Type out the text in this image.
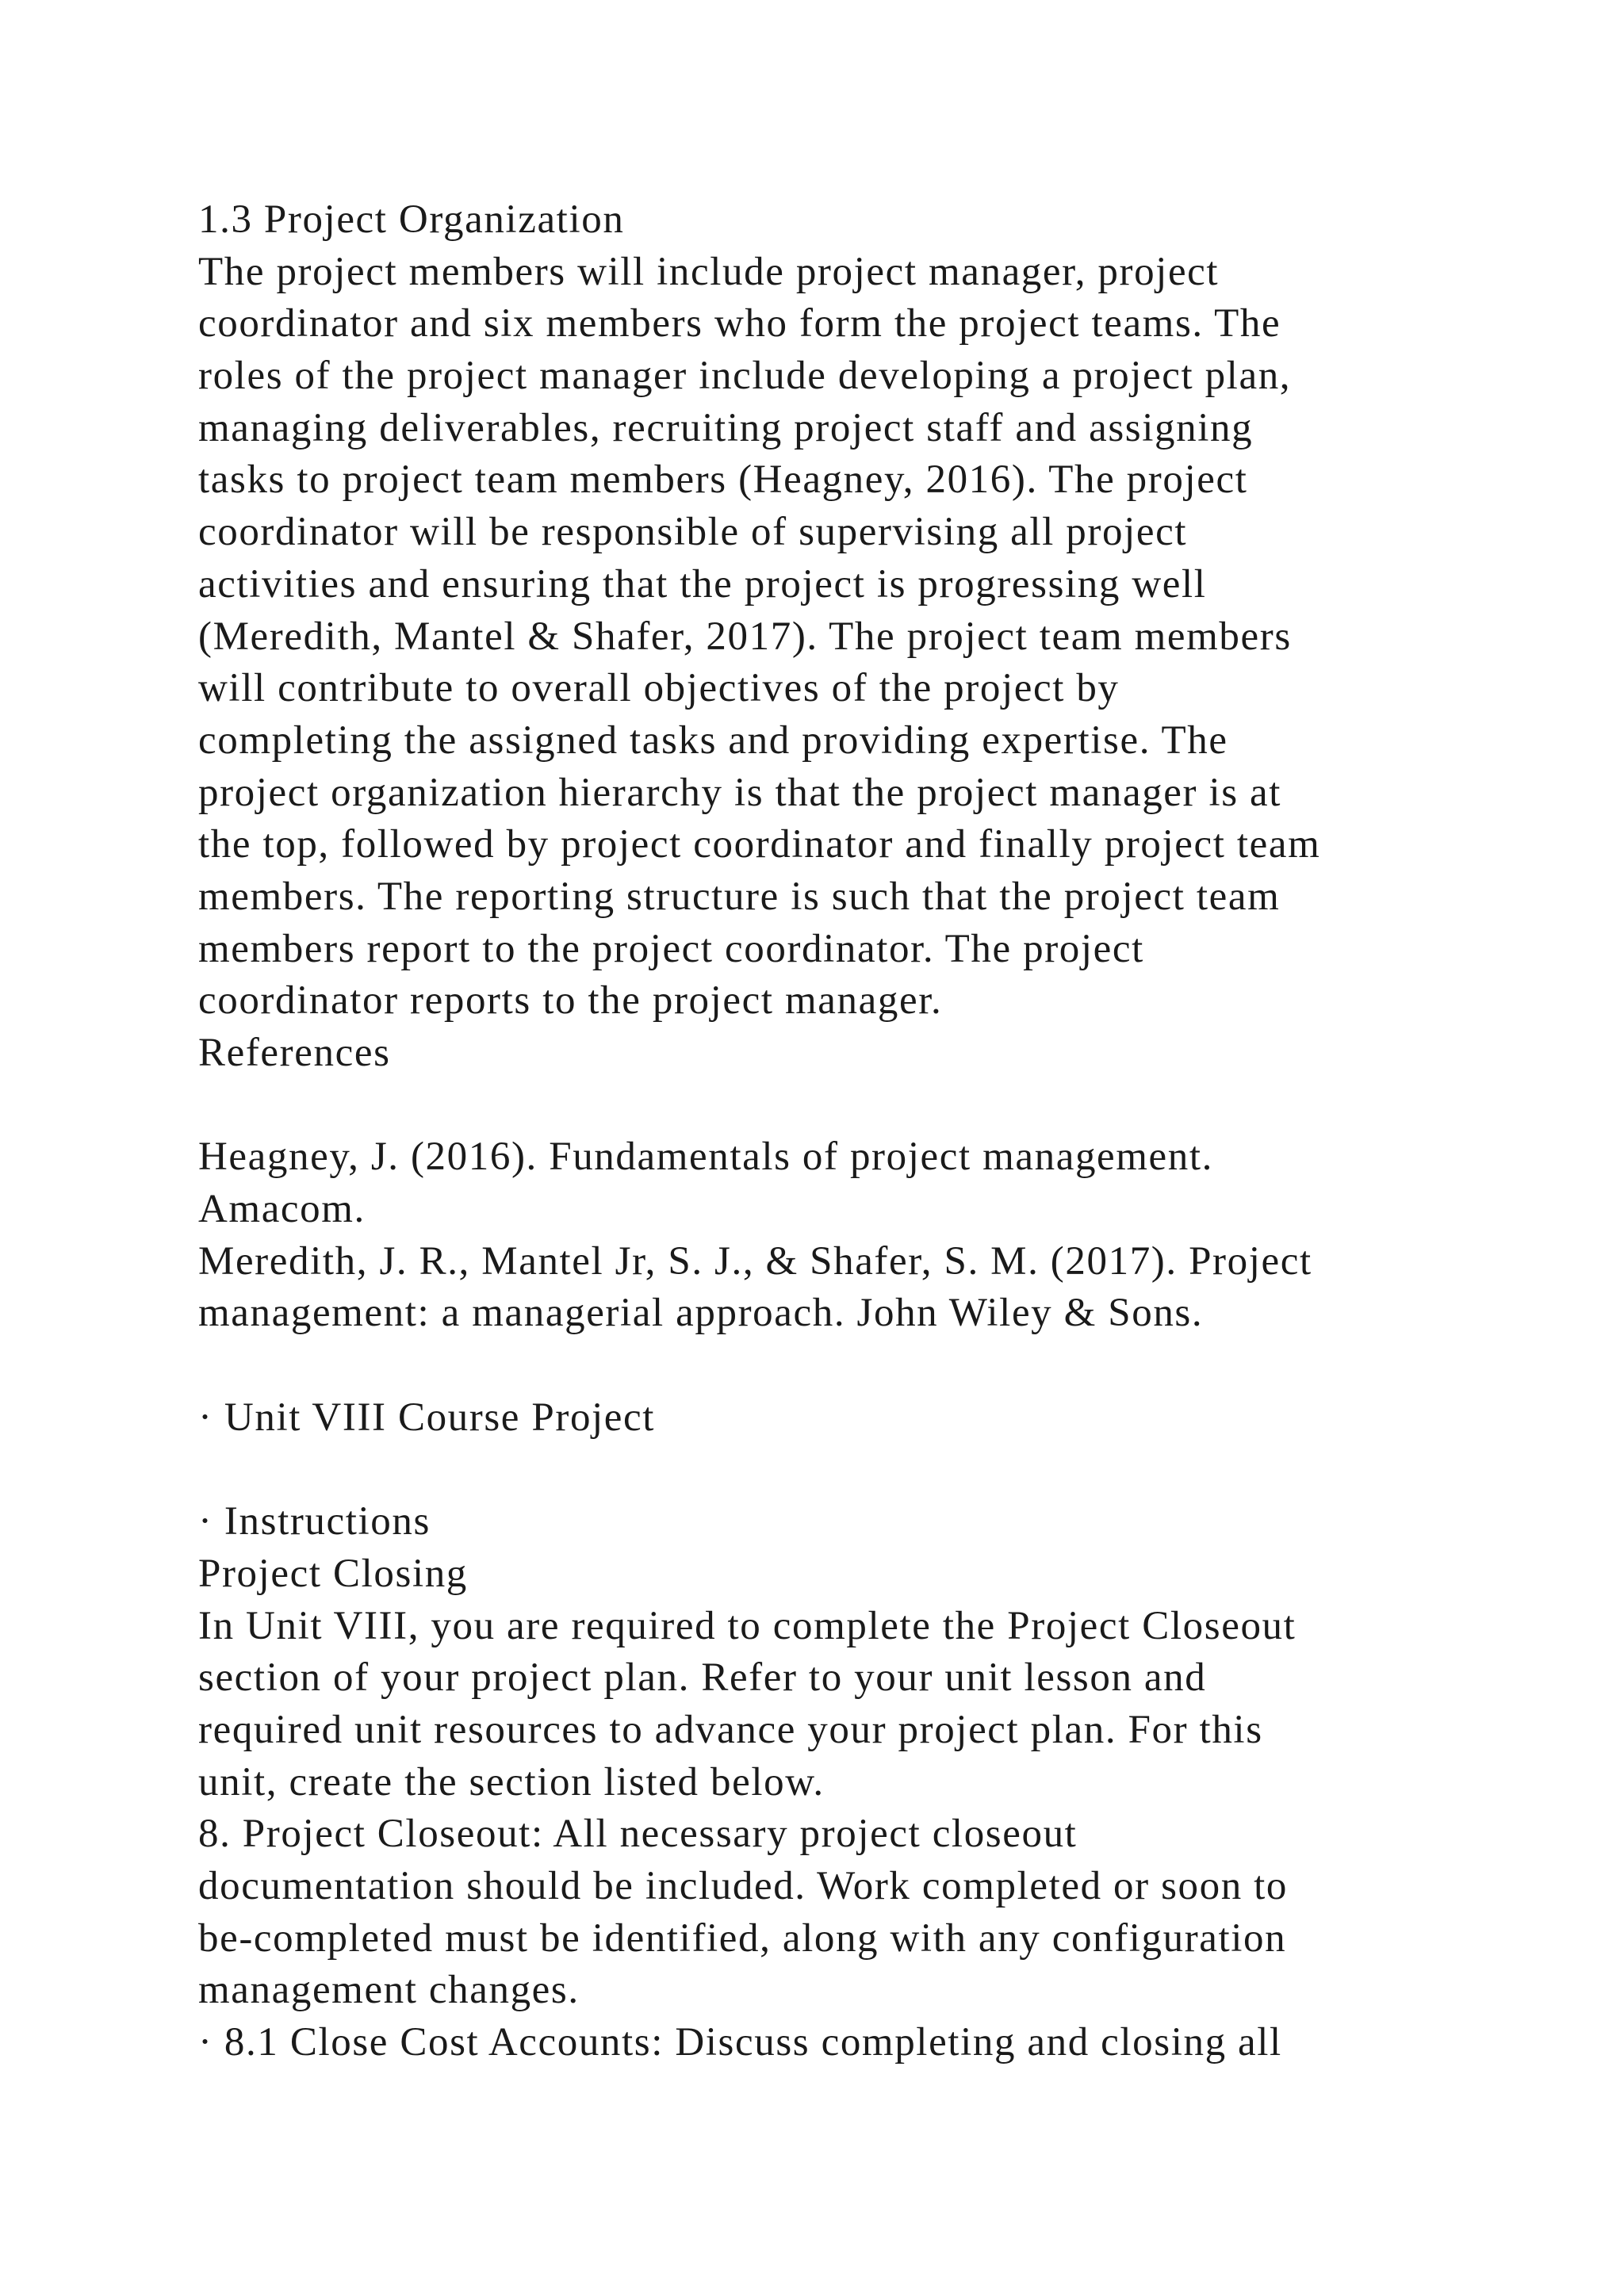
1.3 Project Organization
The project members will include project manager, project
coordinator and six members who form the project teams. The
roles of the project manager include developing a project plan,
managing deliverables, recruiting project staff and assigning
tasks to project team members (Heagney, 2016). The project
coordinator will be responsible of supervising all project
activities and ensuring that the project is progressing well
(Meredith, Mantel & Shafer, 2017). The project team members
will contribute to overall objectives of the project by
completing the assigned tasks and providing expertise. The
project organization hierarchy is that the project manager is at
the top, followed by project coordinator and finally project team
members. The reporting structure is such that the project team
members report to the project coordinator. The project
coordinator reports to the project manager.
References
Heagney, J. (2016). Fundamentals of project management.
Amacom.
Meredith, J. R., Mantel Jr, S. J., & Shafer, S. M. (2017). Project
management: a managerial approach. John Wiley & Sons.
· Unit VIII Course Project
· Instructions
Project Closing
In Unit VIII, you are required to complete the Project Closeout
section of your project plan. Refer to your unit lesson and
required unit resources to advance your project plan. For this
unit, create the section listed below.
8. Project Closeout: All necessary project closeout
documentation should be included. Work completed or soon to
be-completed must be identified, along with any configuration
management changes.
· 8.1 Close Cost Accounts: Discuss completing and closing all
